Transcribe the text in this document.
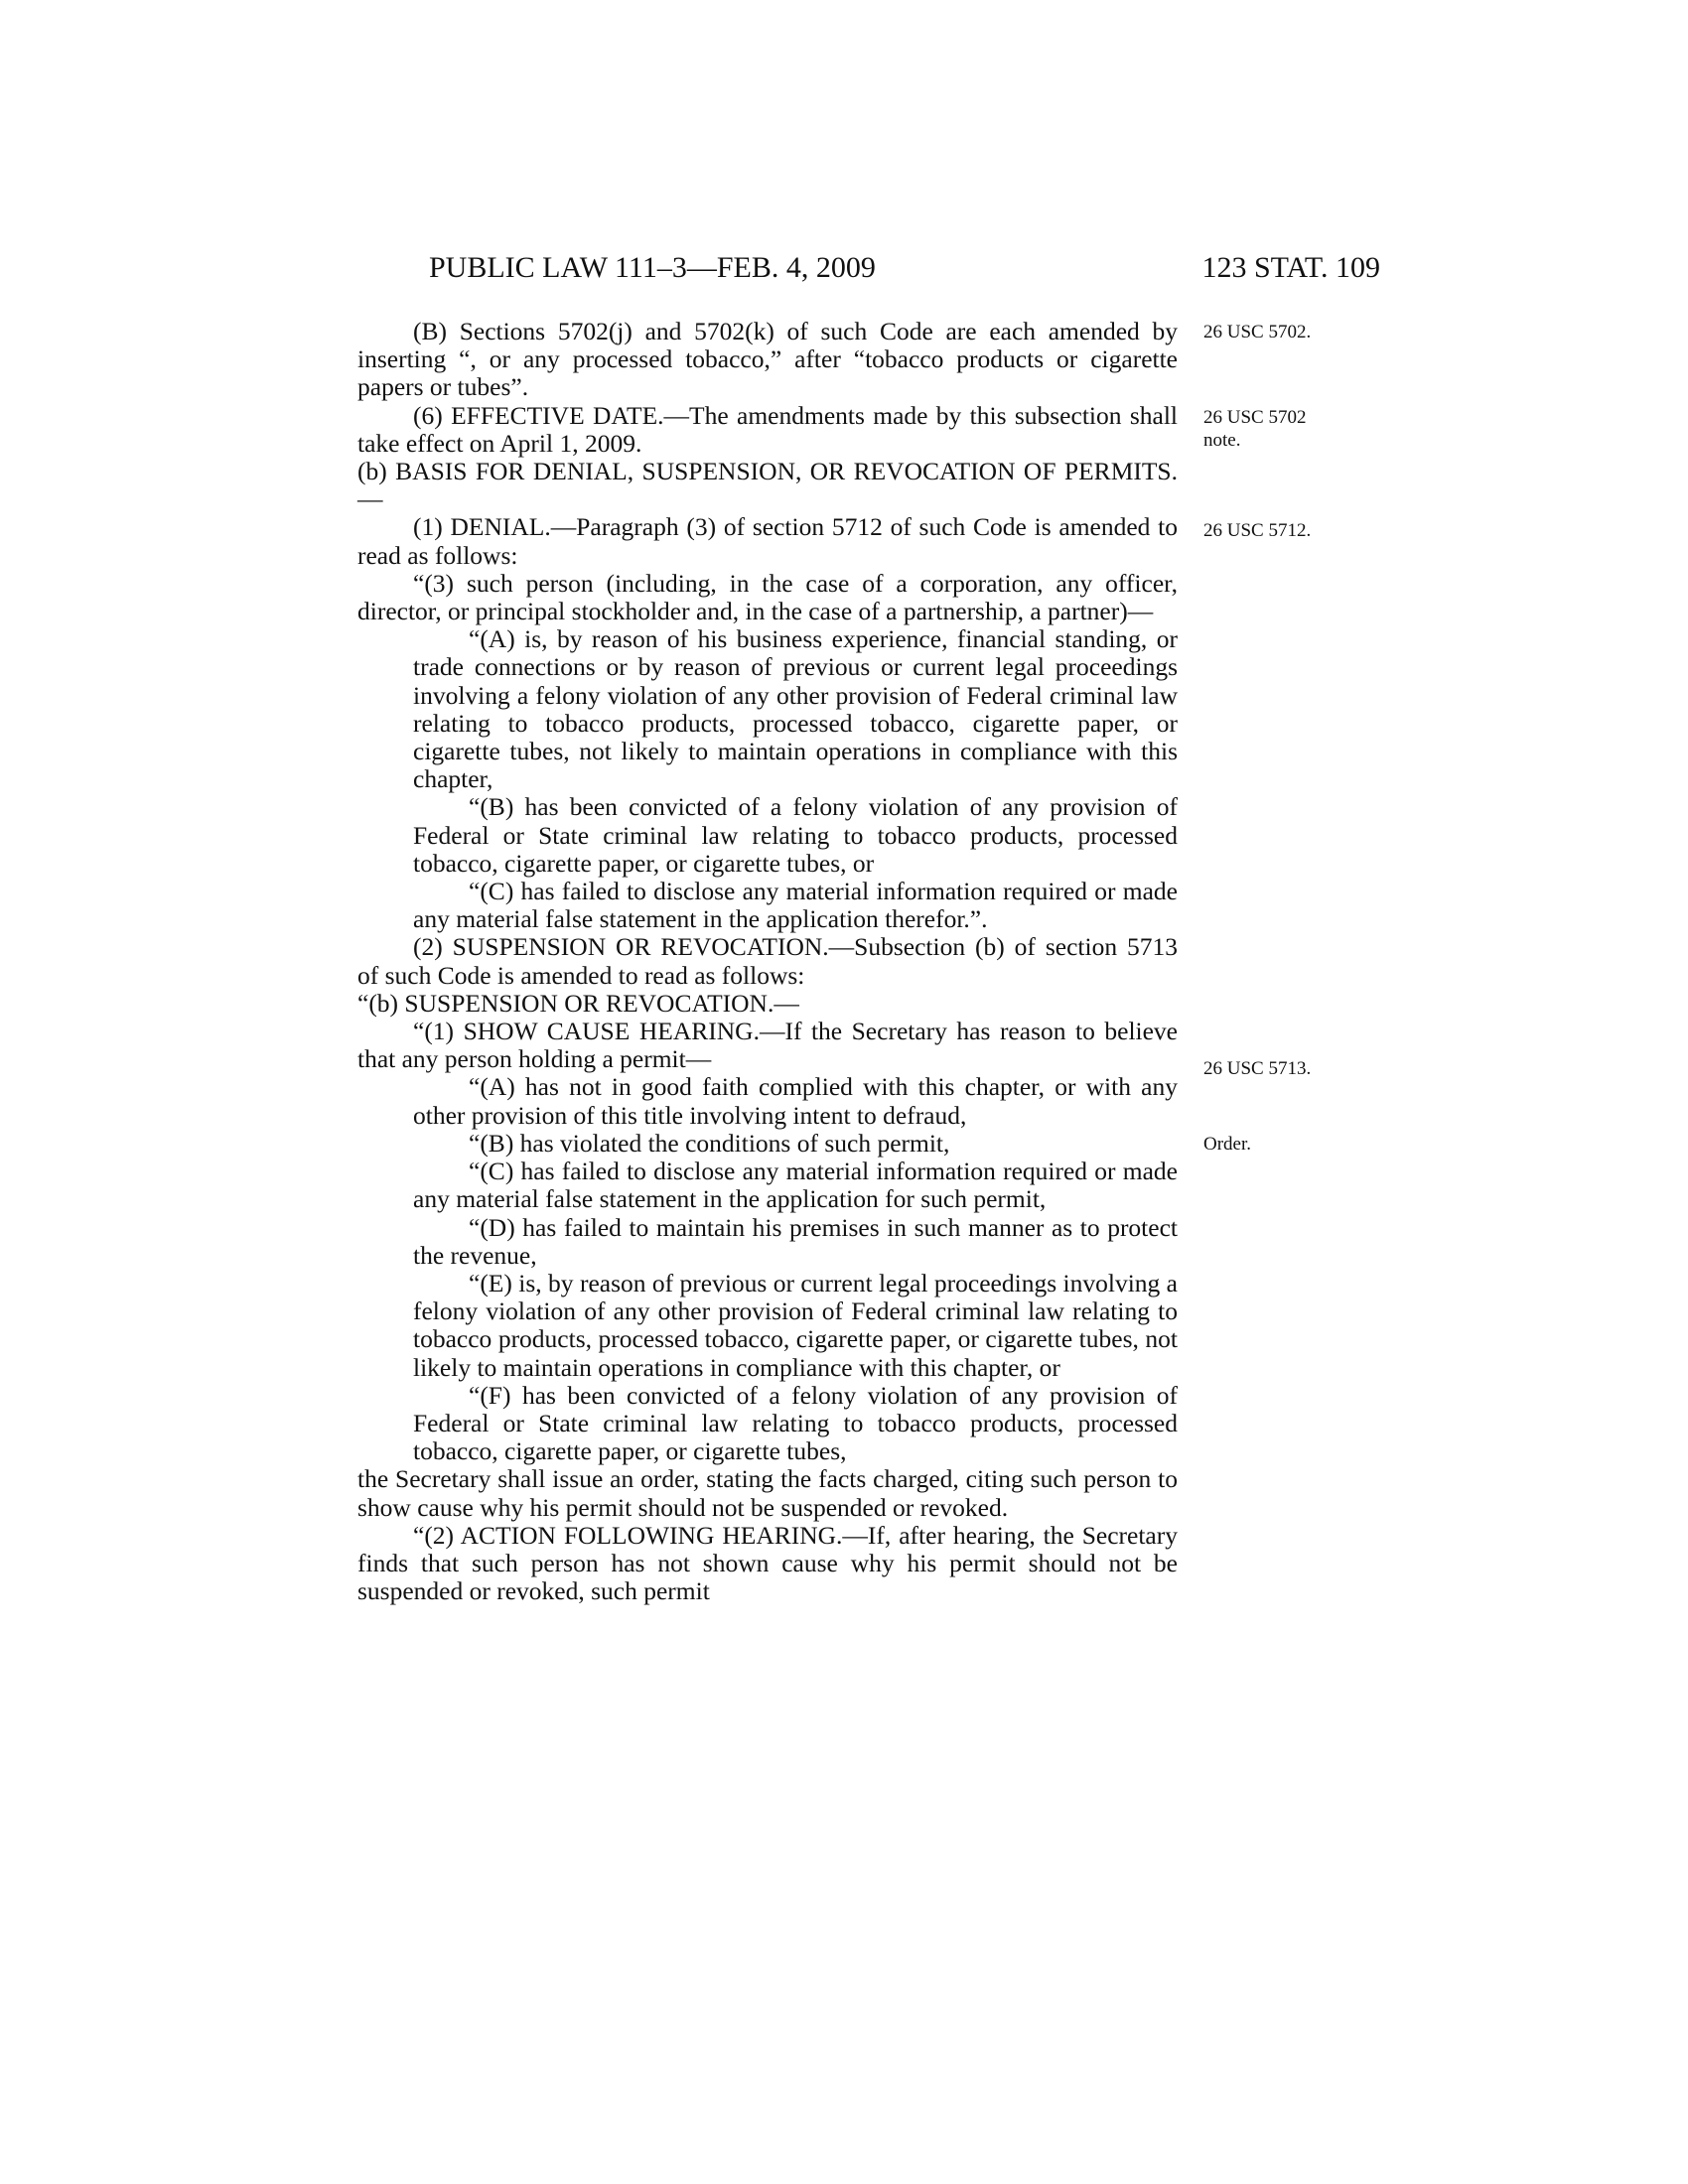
PUBLIC LAW 111–3—FEB. 4, 2009	123 STAT. 109

(B) Sections 5702(j) and 5702(k) of such Code are each amended by inserting “, or any processed tobacco,” after “tobacco products or cigarette papers or tubes”.

(6) EFFECTIVE DATE.—The amendments made by this subsection shall take effect on April 1, 2009.

(b) BASIS FOR DENIAL, SUSPENSION, OR REVOCATION OF PERMITS.—

(1) DENIAL.—Paragraph (3) of section 5712 of such Code is amended to read as follows:

“(3) such person (including, in the case of a corporation, any officer, director, or principal stockholder and, in the case of a partnership, a partner)—

“(A) is, by reason of his business experience, financial standing, or trade connections or by reason of previous or current legal proceedings involving a felony violation of any other provision of Federal criminal law relating to tobacco products, processed tobacco, cigarette paper, or cigarette tubes, not likely to maintain operations in compliance with this chapter,

“(B) has been convicted of a felony violation of any provision of Federal or State criminal law relating to tobacco products, processed tobacco, cigarette paper, or cigarette tubes, or

“(C) has failed to disclose any material information required or made any material false statement in the application therefor.”.

(2) SUSPENSION OR REVOCATION.—Subsection (b) of section 5713 of such Code is amended to read as follows:

“(b) SUSPENSION OR REVOCATION.—

“(1) SHOW CAUSE HEARING.—If the Secretary has reason to believe that any person holding a permit—

“(A) has not in good faith complied with this chapter, or with any other provision of this title involving intent to defraud,

“(B) has violated the conditions of such permit,

“(C) has failed to disclose any material information required or made any material false statement in the application for such permit,

“(D) has failed to maintain his premises in such manner as to protect the revenue,

“(E) is, by reason of previous or current legal proceedings involving a felony violation of any other provision of Federal criminal law relating to tobacco products, processed tobacco, cigarette paper, or cigarette tubes, not likely to maintain operations in compliance with this chapter, or

“(F) has been convicted of a felony violation of any provision of Federal or State criminal law relating to tobacco products, processed tobacco, cigarette paper, or cigarette tubes,

the Secretary shall issue an order, stating the facts charged, citing such person to show cause why his permit should not be suspended or revoked.

“(2) ACTION FOLLOWING HEARING.—If, after hearing, the Secretary finds that such person has not shown cause why his permit should not be suspended or revoked, such permit

26 USC 5702.
26 USC 5702
note.
26 USC 5712.
26 USC 5713.
Order.
